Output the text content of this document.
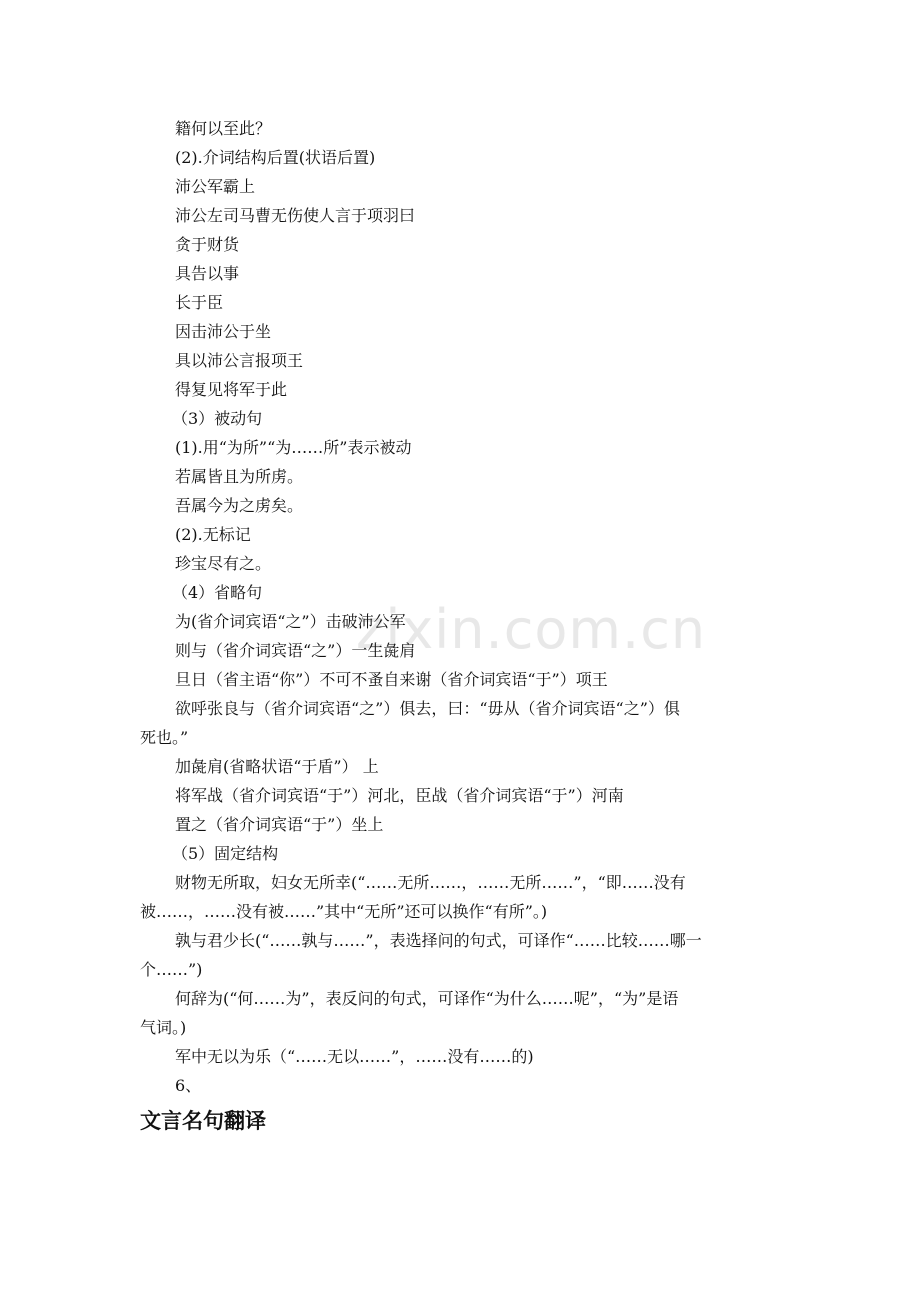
zixin.com.cn
籍何以至此？
(2).介词结构后置(状语后置)
沛公军霸上
沛公左司马曹无伤使人言于项羽曰
贪于财货
具告以事
长于臣
因击沛公于坐
具以沛公言报项王
得复见将军于此
（3）被动句
(1).用“为所”“为……所”表示被动
若属皆且为所虏。
吾属今为之虏矣。
(2).无标记
珍宝尽有之。
（4）省略句
为(省介词宾语“之”）击破沛公军
则与（省介词宾语“之”）一生彘肩
旦日（省主语“你”）不可不蚤自来谢（省介词宾语“于”）项王
欲呼张良与（省介词宾语“之”）俱去，曰：“毋从（省介词宾语“之”）俱
死也。”
加彘肩(省略状语“于盾”） 上
将军战（省介词宾语“于”）河北，臣战（省介词宾语“于”）河南
置之（省介词宾语“于”）坐上
（5）固定结构
财物无所取，妇女无所幸(“……无所……，……无所……”，“即……没有
被……，……没有被……”其中“无所”还可以换作“有所”。)
孰与君少长(“……孰与……”，表选择问的句式，可译作“……比较……哪一
个……”)
何辞为(“何……为”，表反问的句式，可译作“为什么……呢”，“为”是语
气词。)
军中无以为乐（“……无以……”，……没有……的)
6、
文言名句翻译
